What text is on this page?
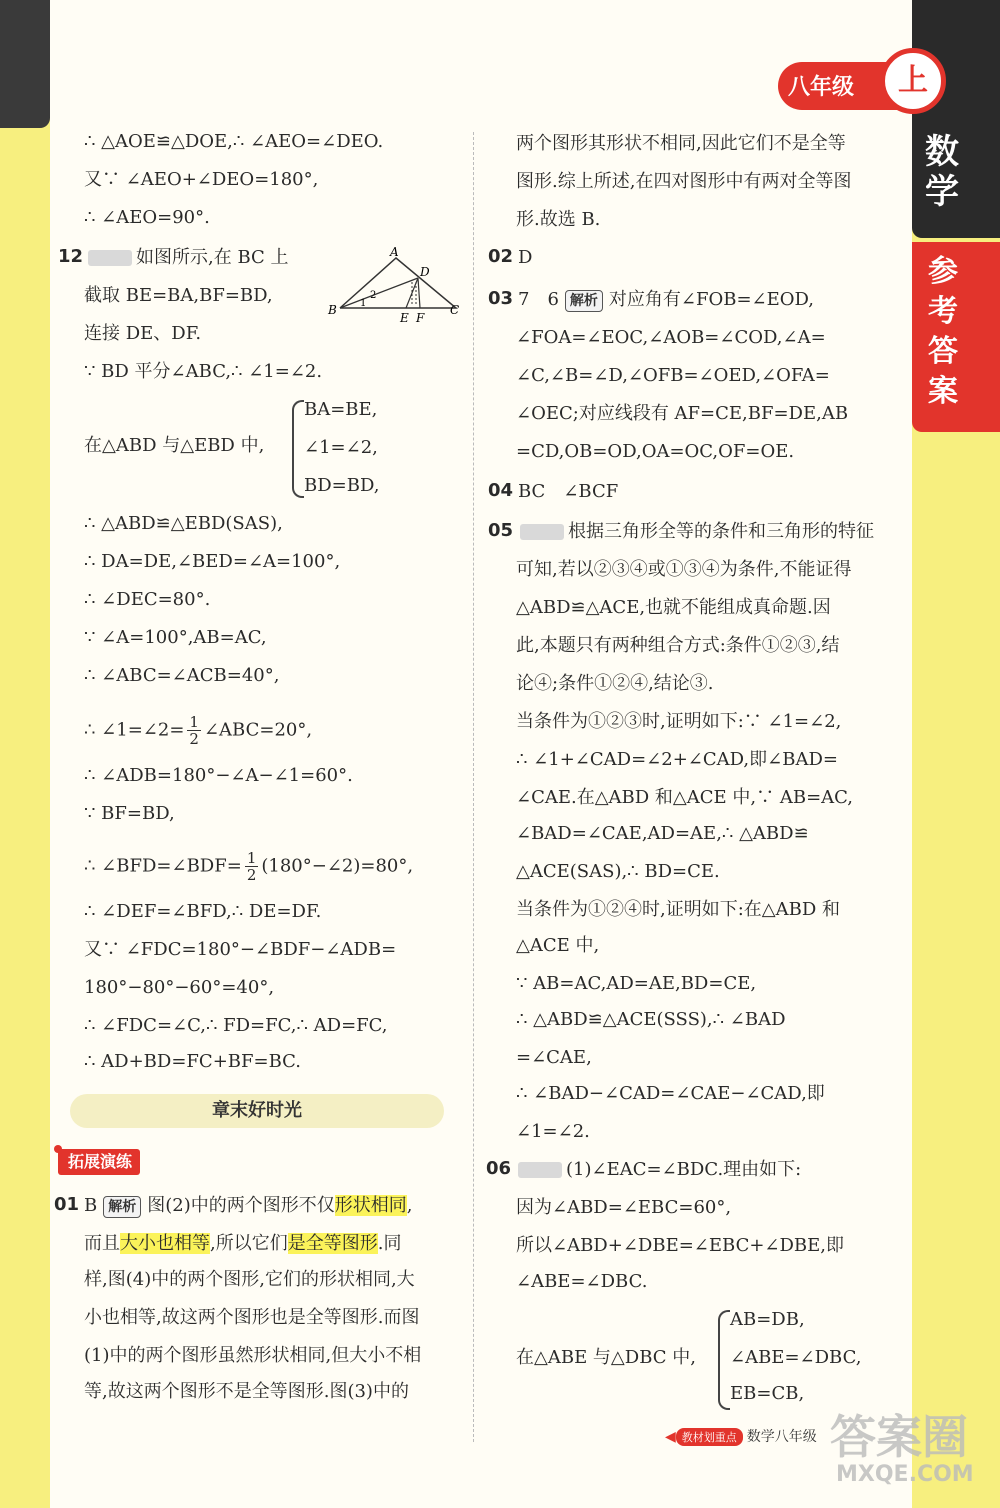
数
学
参
考
答
案
八年级	上
∴ △AOE≌△DOE,∴ ∠AEO=∠DEO.
又∵ ∠AEO+∠DEO=180°,
∴ ∠AEO=90°.
12	如图所示,在 BC 上
截取 BE=BA,BF=BD,
连接 DE、DF.
∵ BD 平分∠ABC,∴ ∠1=∠2.
A
D
B
E F
C
1
2
在△ABD 与△EBD 中,
BA=BE,
∠1=∠2,
BD=BD,
∴ △ABD≌△EBD(SAS),
∴ DA=DE,∠BED=∠A=100°,
∴ ∠DEC=80°.
∵ ∠A=100°,AB=AC,
∴ ∠ABC=∠ACB=40°,
∴ ∠1=∠2= $\frac{1}{2}$ ∠ABC=20°,
∴ ∠ADB=180°−∠A−∠1=60°.
∵ BF=BD,
∴ ∠BFD=∠BDF= $\frac{1}{2}$ (180°−∠2)=80°,
∴ ∠DEF=∠BFD,∴ DE=DF.
又∵ ∠FDC=180°−∠BDF−∠ADB=
180°−80°−60°=40°,
∴ ∠FDC=∠C,∴ FD=FC,∴ AD=FC,
∴ AD+BD=FC+BF=BC.
章末好时光
拓展演练
01 B 解析 图(2)中的两个图形不仅形状相同,
而且大小也相等,所以它们是全等图形.同
样,图(4)中的两个图形,它们的形状相同,大
小也相等,故这两个图形也是全等图形.而图
(1)中的两个图形虽然形状相同,但大小不相
等,故这两个图形不是全等图形.图(3)中的
两个图形其形状不相同,因此它们不是全等
图形.综上所述,在四对图形中有两对全等图
形.故选 B.
02 D
03 7　6 解析 对应角有∠FOB=∠EOD,
∠FOA=∠EOC,∠AOB=∠COD,∠A=
∠C,∠B=∠D,∠OFB=∠OED,∠OFA=
∠OEC;对应线段有 AF=CE,BF=DE,AB
=CD,OB=OD,OA=OC,OF=OE.
04 BC　∠BCF
05	根据三角形全等的条件和三角形的特征
可知,若以②③④或①③④为条件,不能证得
△ABD≌△ACE,也就不能组成真命题.因
此,本题只有两种组合方式:条件①②③,结
论④;条件①②④,结论③.
当条件为①②③时,证明如下:∵ ∠1=∠2,
∴ ∠1+∠CAD=∠2+∠CAD,即∠BAD=
∠CAE.在△ABD 和△ACE 中,∵ AB=AC,
∠BAD=∠CAE,AD=AE,∴ △ABD≌
△ACE(SAS),∴ BD=CE.
当条件为①②④时,证明如下:在△ABD 和
△ACE 中,
∵ AB=AC,AD=AE,BD=CE,
∴ △ABD≌△ACE(SSS),∴ ∠BAD
=∠CAE,
∴ ∠BAD−∠CAD=∠CAE−∠CAD,即
∠1=∠2.
06	(1)∠EAC=∠BDC.理由如下:
因为∠ABD=∠EBC=60°,
所以∠ABD+∠DBE=∠EBC+∠DBE,即
∠ABE=∠DBC.
在△ABE 与△DBC 中,
AB=DB,
∠ABE=∠DBC,
EB=CB,
◀ 教材划重点 数学八年级 答案圈
MXQE.COM
